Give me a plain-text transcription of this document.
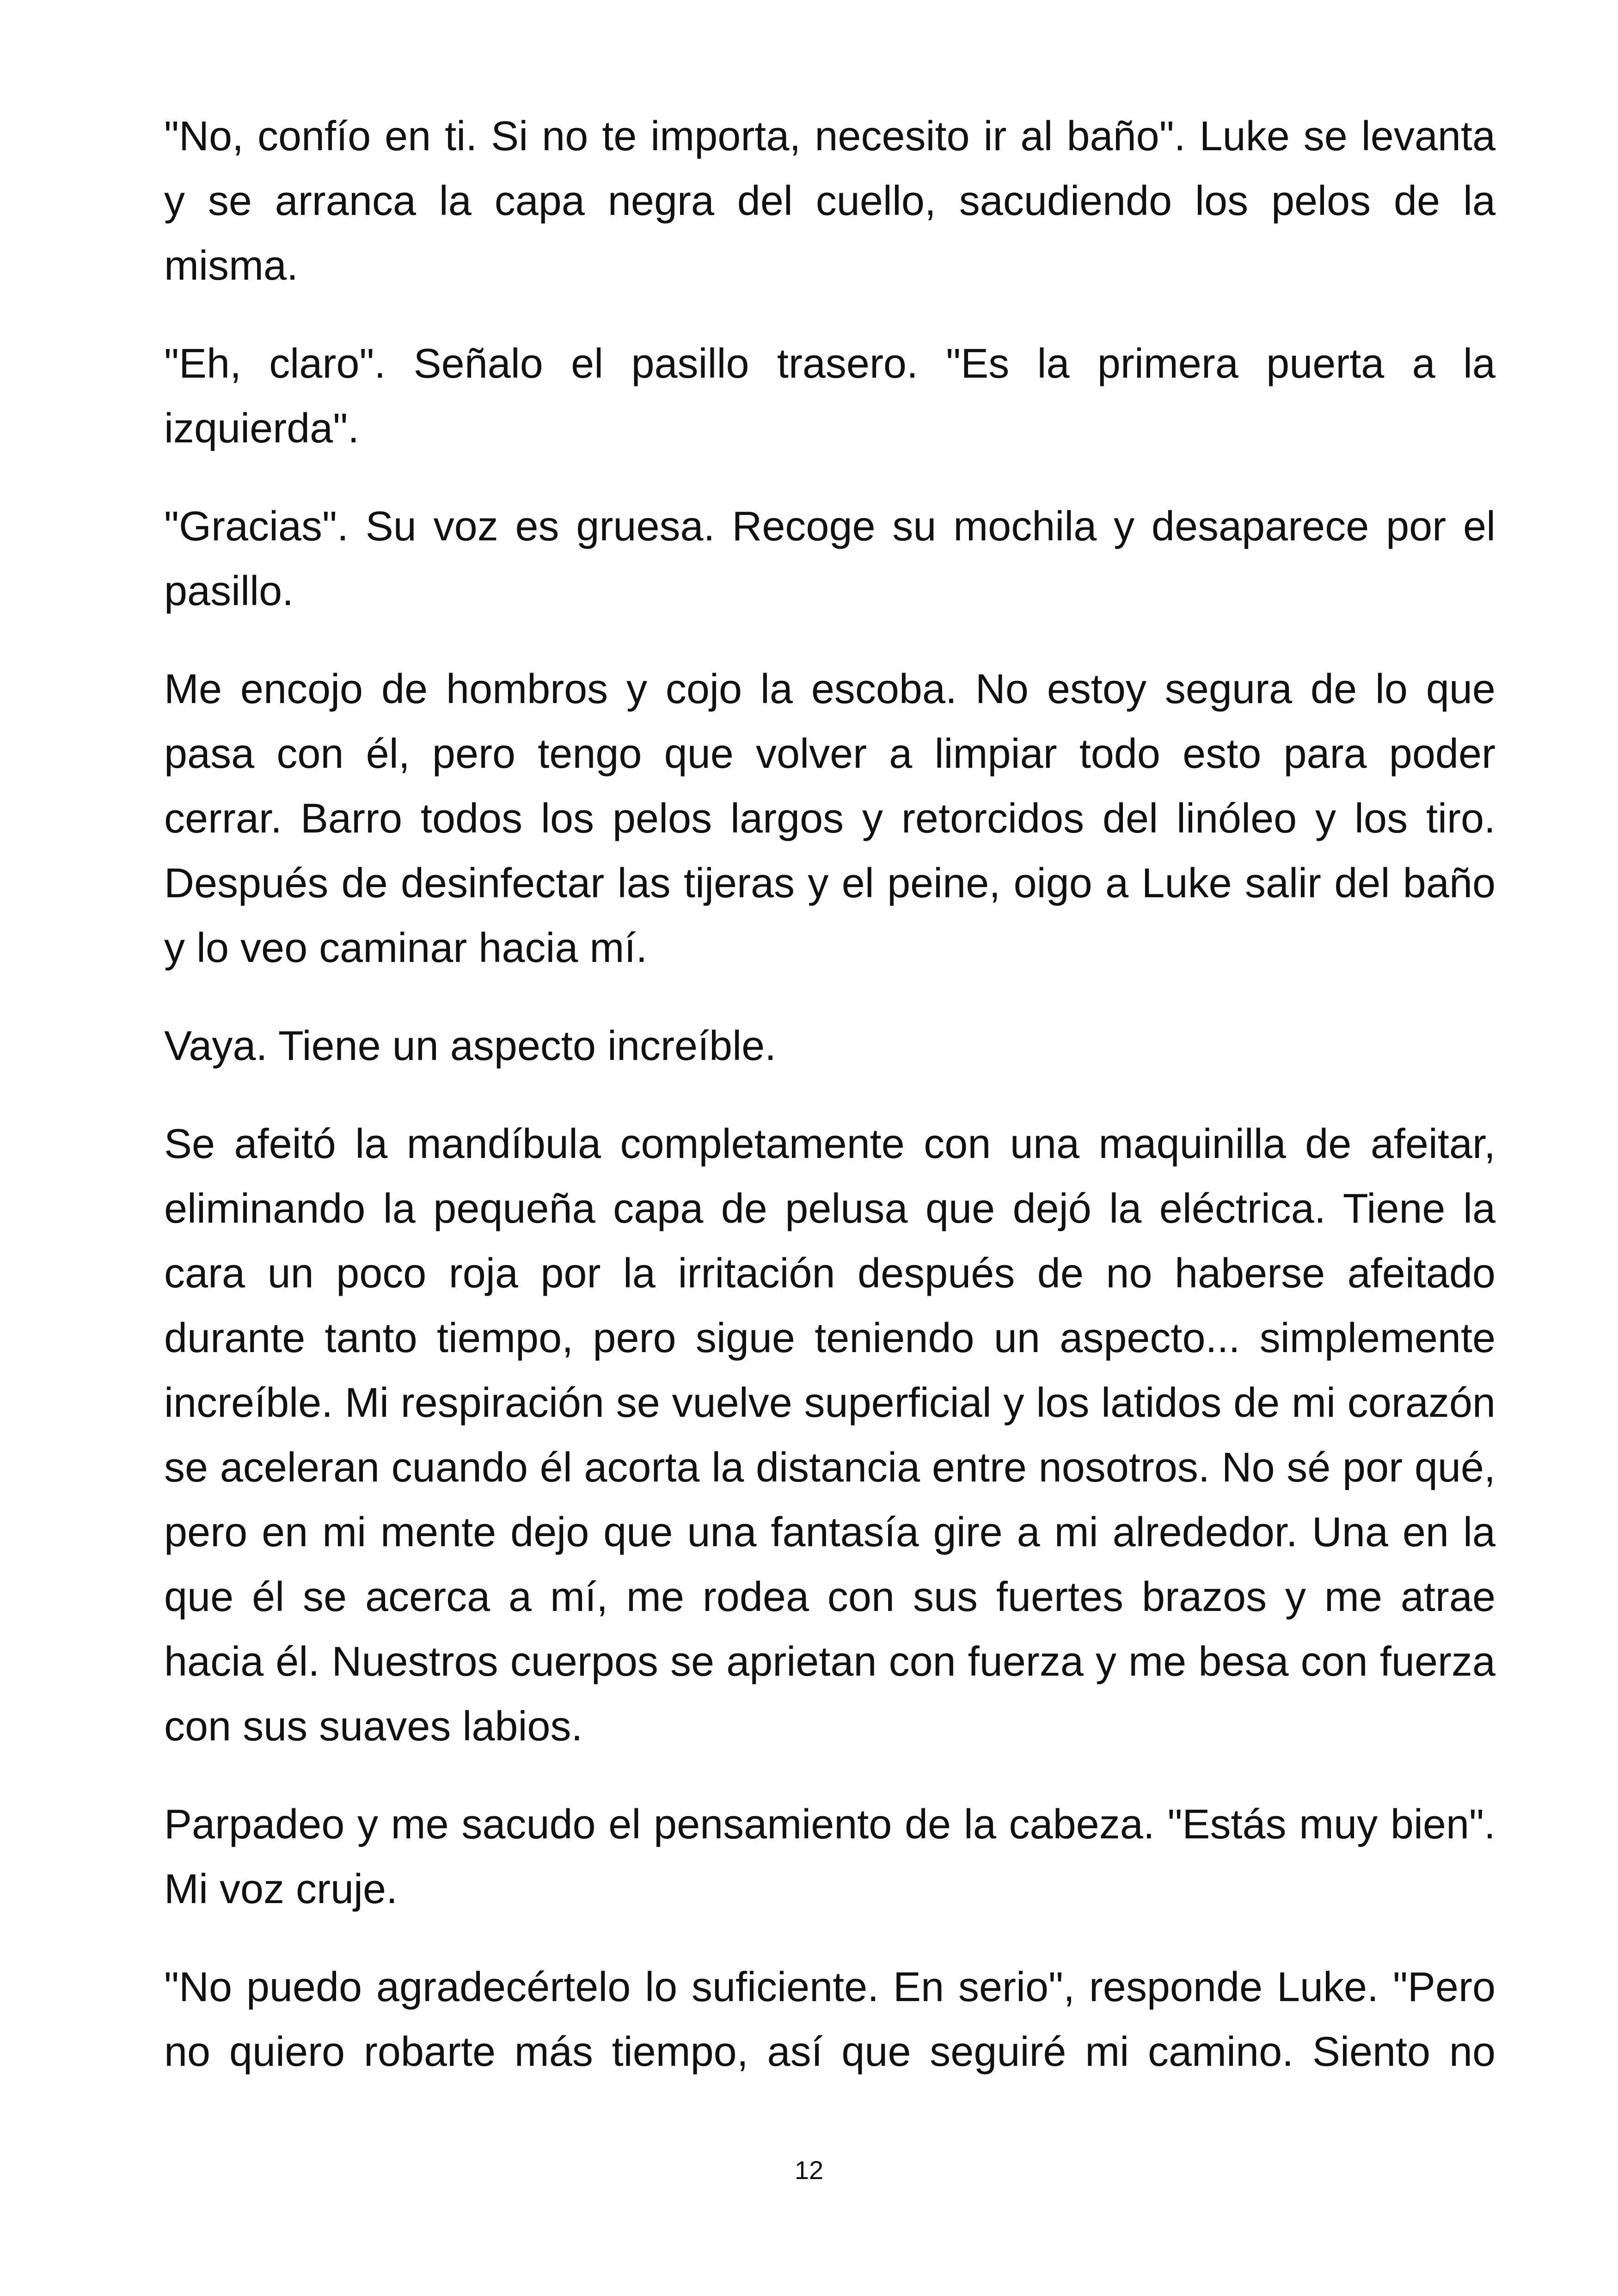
"No, confío en ti. Si no te importa, necesito ir al baño". Luke se levanta y se arranca la capa negra del cuello, sacudiendo los pelos de la misma.

"Eh, claro". Señalo el pasillo trasero. "Es la primera puerta a la izquierda".

"Gracias". Su voz es gruesa. Recoge su mochila y desaparece por el pasillo.

Me encojo de hombros y cojo la escoba. No estoy segura de lo que pasa con él, pero tengo que volver a limpiar todo esto para poder cerrar. Barro todos los pelos largos y retorcidos del linóleo y los tiro. Después de desinfectar las tijeras y el peine, oigo a Luke salir del baño y lo veo caminar hacia mí.

Vaya. Tiene un aspecto increíble.

Se afeitó la mandíbula completamente con una maquinilla de afeitar, eliminando la pequeña capa de pelusa que dejó la eléctrica. Tiene la cara un poco roja por la irritación después de no haberse afeitado durante tanto tiempo, pero sigue teniendo un aspecto... simplemente increíble. Mi respiración se vuelve superficial y los latidos de mi corazón se aceleran cuando él acorta la distancia entre nosotros. No sé por qué, pero en mi mente dejo que una fantasía gire a mi alrededor. Una en la que él se acerca a mí, me rodea con sus fuertes brazos y me atrae hacia él. Nuestros cuerpos se aprietan con fuerza y me besa con fuerza con sus suaves labios.

Parpadeo y me sacudo el pensamiento de la cabeza. "Estás muy bien". Mi voz cruje.

"No puedo agradecértelo lo suficiente. En serio", responde Luke. "Pero no quiero robarte más tiempo, así que seguiré mi camino. Siento no

12
